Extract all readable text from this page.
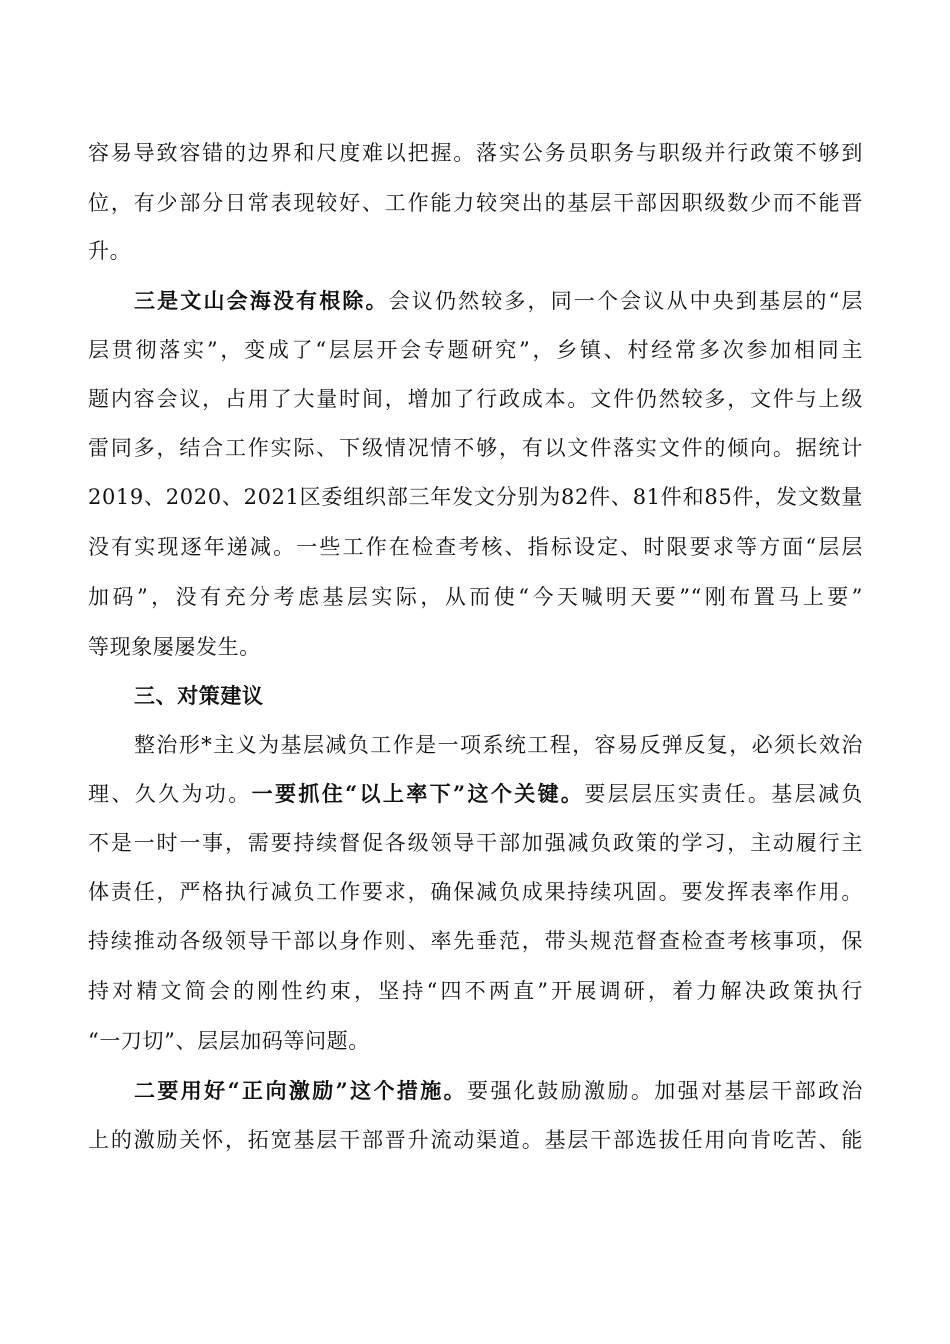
容易导致容错的边界和尺度难以把握。落实公务员职务与职级并行政策不够到
位，有少部分日常表现较好、工作能力较突出的基层干部因职级数少而不能晋
升。
三是文山会海没有根除。会议仍然较多，同一个会议从中央到基层的“层
层贯彻落实”，变成了“层层开会专题研究”，乡镇、村经常多次参加相同主
题内容会议，占用了大量时间，增加了行政成本。文件仍然较多，文件与上级
雷同多，结合工作实际、下级情况情不够，有以文件落实文件的倾向。据统计
2019、2020、2021区委组织部三年发文分别为82件、81件和85件，发文数量
没有实现逐年递减。一些工作在检查考核、指标设定、时限要求等方面“层层
加码”，没有充分考虑基层实际，从而使“今天喊明天要”“刚布置马上要”
等现象屡屡发生。
三、对策建议
整治形*主义为基层减负工作是一项系统工程，容易反弹反复，必须长效治
理、久久为功。一要抓住“以上率下”这个关键。要层层压实责任。基层减负
不是一时一事，需要持续督促各级领导干部加强减负政策的学习，主动履行主
体责任，严格执行减负工作要求，确保减负成果持续巩固。要发挥表率作用。
持续推动各级领导干部以身作则、率先垂范，带头规范督查检查考核事项，保
持对精文简会的刚性约束，坚持“四不两直”开展调研，着力解决政策执行
“一刀切”、层层加码等问题。
二要用好“正向激励”这个措施。要强化鼓励激励。加强对基层干部政治
上的激励关怀，拓宽基层干部晋升流动渠道。基层干部选拔任用向肯吃苦、能
